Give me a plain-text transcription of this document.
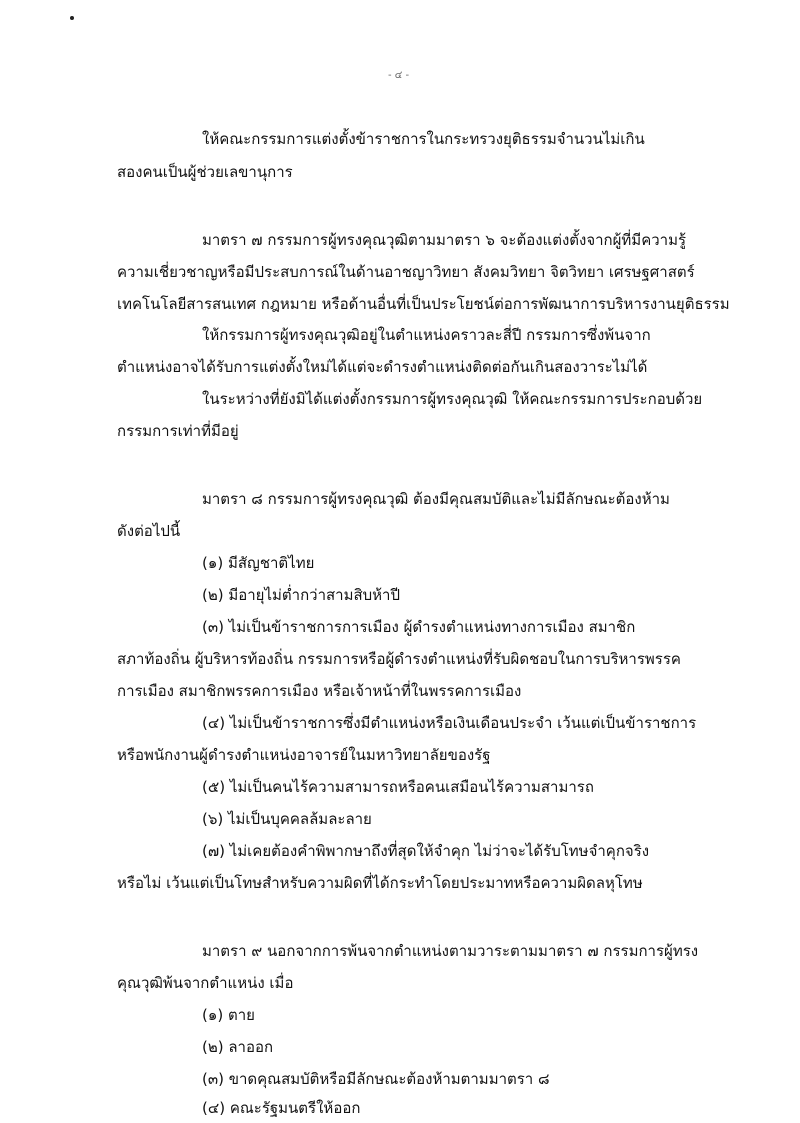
- ๔ -
ให้คณะกรรมการแต่งตั้งข้าราชการในกระทรวงยุติธรรมจำนวนไม่เกิน
สองคนเป็นผู้ช่วยเลขานุการ
มาตรา ๗ กรรมการผู้ทรงคุณวุฒิตามมาตรา ๖ จะต้องแต่งตั้งจากผู้ที่มีความรู้
ความเชี่ยวชาญหรือมีประสบการณ์ในด้านอาชญาวิทยา สังคมวิทยา จิตวิทยา เศรษฐศาสตร์
เทคโนโลยีสารสนเทศ กฎหมาย หรือด้านอื่นที่เป็นประโยชน์ต่อการพัฒนาการบริหารงานยุติธรรม
ให้กรรมการผู้ทรงคุณวุฒิอยู่ในตำแหน่งคราวละสี่ปี กรรมการซึ่งพ้นจาก
ตำแหน่งอาจได้รับการแต่งตั้งใหม่ได้แต่จะดำรงตำแหน่งติดต่อกันเกินสองวาระไม่ได้
ในระหว่างที่ยังมิได้แต่งตั้งกรรมการผู้ทรงคุณวุฒิ ให้คณะกรรมการประกอบด้วย
กรรมการเท่าที่มีอยู่
มาตรา ๘ กรรมการผู้ทรงคุณวุฒิ ต้องมีคุณสมบัติและไม่มีลักษณะต้องห้าม
ดังต่อไปนี้
(๑) มีสัญชาติไทย
(๒) มีอายุไม่ต่ำกว่าสามสิบห้าปี
(๓) ไม่เป็นข้าราชการการเมือง ผู้ดำรงตำแหน่งทางการเมือง สมาชิก
สภาท้องถิ่น ผู้บริหารท้องถิ่น กรรมการหรือผู้ดำรงตำแหน่งที่รับผิดชอบในการบริหารพรรค
การเมือง สมาชิกพรรคการเมือง หรือเจ้าหน้าที่ในพรรคการเมือง
(๔) ไม่เป็นข้าราชการซึ่งมีตำแหน่งหรือเงินเดือนประจำ เว้นแต่เป็นข้าราชการ
หรือพนักงานผู้ดำรงตำแหน่งอาจารย์ในมหาวิทยาลัยของรัฐ
(๕) ไม่เป็นคนไร้ความสามารถหรือคนเสมือนไร้ความสามารถ
(๖) ไม่เป็นบุคคลล้มละลาย
(๗) ไม่เคยต้องคำพิพากษาถึงที่สุดให้จำคุก ไม่ว่าจะได้รับโทษจำคุกจริง
หรือไม่ เว้นแต่เป็นโทษสำหรับความผิดที่ได้กระทำโดยประมาทหรือความผิดลหุโทษ
มาตรา ๙ นอกจากการพ้นจากตำแหน่งตามวาระตามมาตรา ๗ กรรมการผู้ทรง
คุณวุฒิพ้นจากตำแหน่ง เมื่อ
(๑) ตาย
(๒) ลาออก
(๓) ขาดคุณสมบัติหรือมีลักษณะต้องห้ามตามมาตรา ๘
(๔) คณะรัฐมนตรีให้ออก
